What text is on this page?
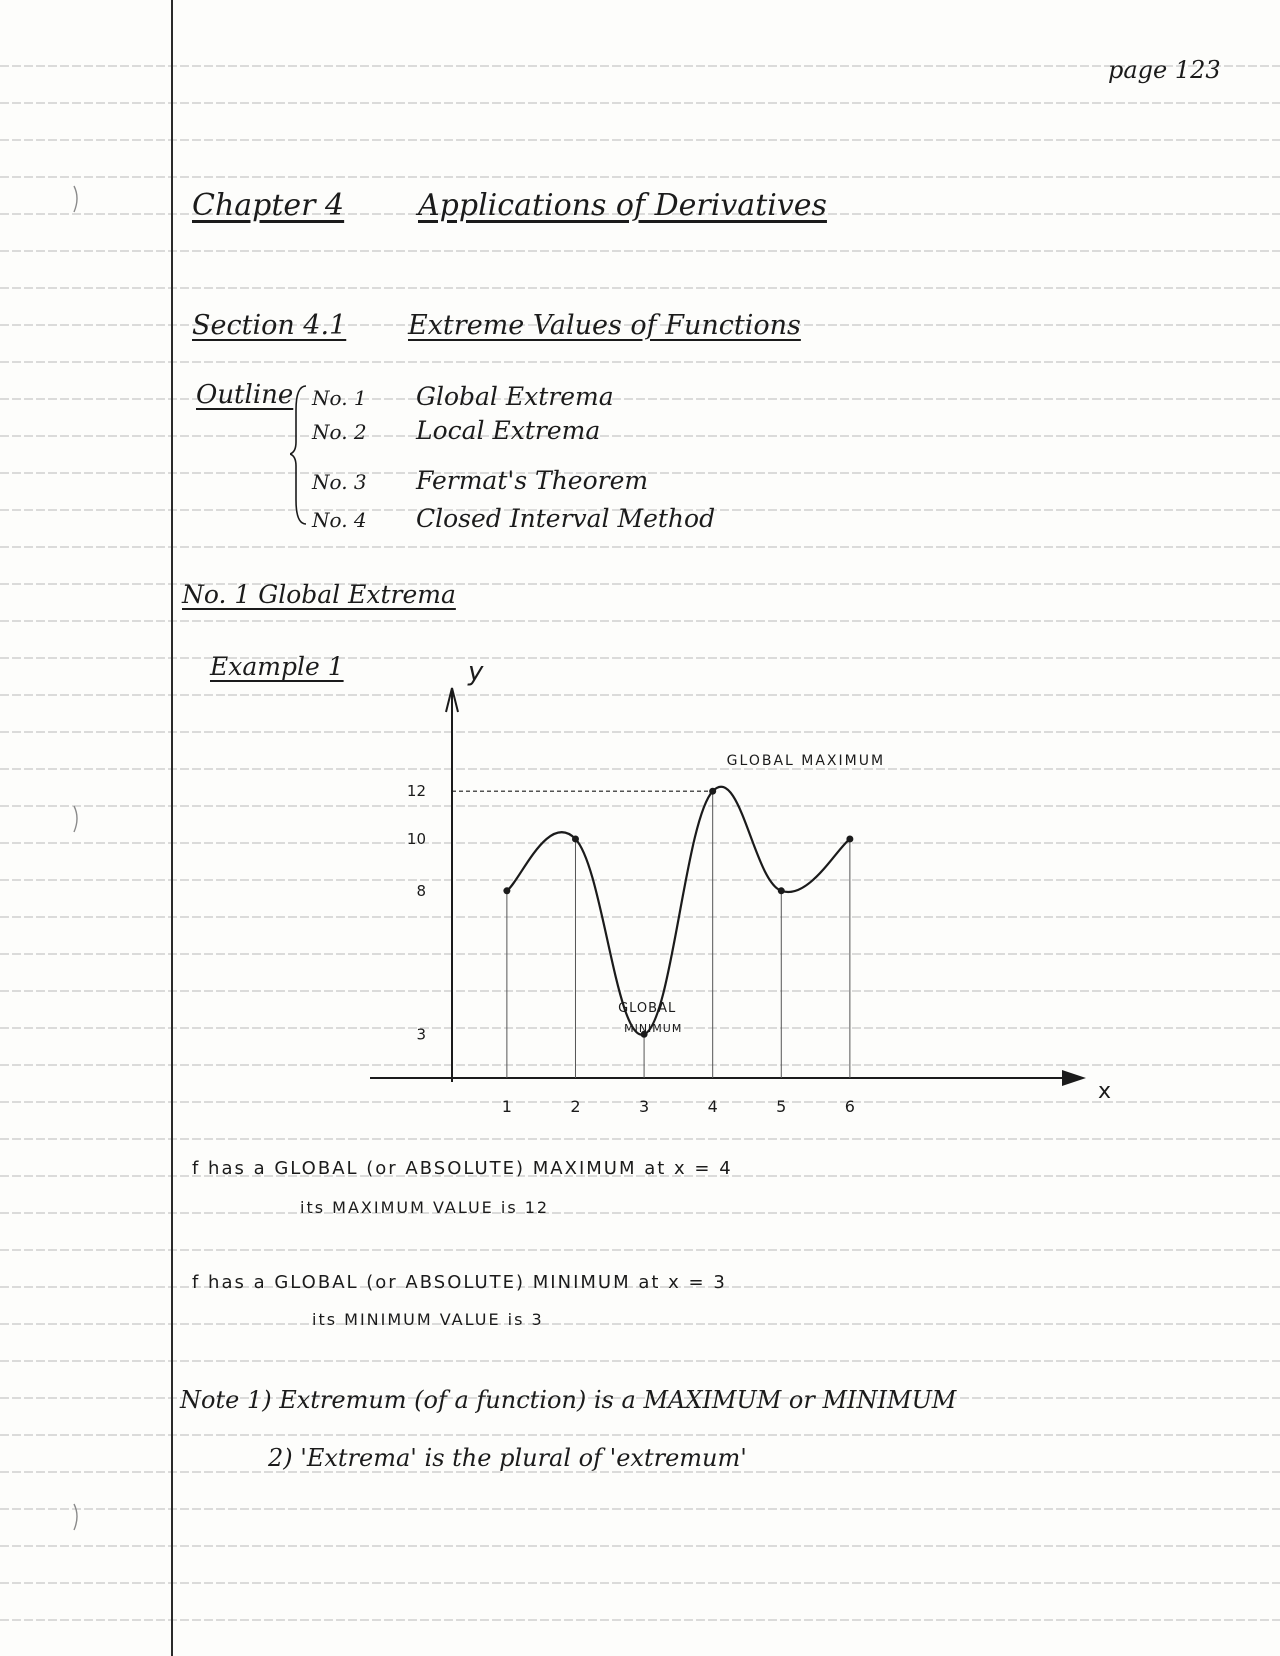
page 123
Chapter 4 Applications of Derivatives
Section 4.1 Extreme Values of Functions
Outline No. 1 Global Extrema
No. 2 Local Extrema
No. 3 Fermat's Theorem
No. 4 Closed Interval Method
No. 1 Global Extrema
Example 1
x
y
12
10
8
3
1	2	3	4	5	6
GLOBAL MAXIMUM
GLOBAL
MINIMUM
f has a GLOBAL (or ABSOLUTE) MAXIMUM at x = 4
its MAXIMUM VALUE is 12
f has a GLOBAL (or ABSOLUTE) MINIMUM at x = 3
its MINIMUM VALUE is 3
Note 1) Extremum (of a function) is a MAXIMUM or MINIMUM
2) 'Extrema' is the plural of 'extremum'
